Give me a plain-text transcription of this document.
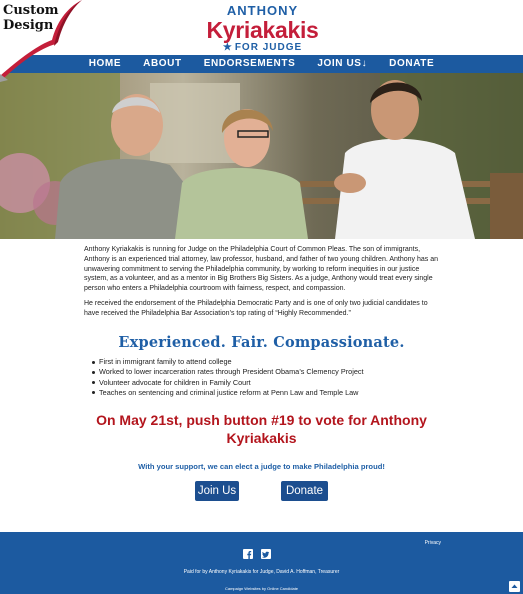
Custom
Design
ANTHONY
Kyriakakis
★ FOR JUDGE
HOME	ABOUT	ENDORSEMENTS	JOIN US↓	DONATE

Anthony Kyriakakis is running for Judge on the Philadelphia Court of Common Pleas. The son of immigrants, Anthony is an experienced trial attorney, law professor, husband, and father of two young children. Anthony has an unwavering commitment to serving the Philadelphia community, by working to reform inequities in our justice system, as a volunteer, and as a mentor in Big Brothers Big Sisters. As a judge, Anthony would treat every single person who enters a Philadelphia courtroom with fairness, respect, and compassion.

He received the endorsement of the Philadelphia Democratic Party and is one of only two judicial candidates to have received the Philadelphia Bar Association’s top rating of “Highly Recommended.”

Experienced. Fair. Compassionate.
First in immigrant family to attend college
Worked to lower incarceration rates through President Obama’s Clemency Project
Volunteer advocate for children in Family Court
Teaches on sentencing and criminal justice reform at Penn Law and Temple Law
On May 21st, push button #19 to vote for Anthony Kyriakakis
With your support, we can elect a judge to make Philadelphia proud!
Join Us	Donate
Privacy
Paid for by Anthony Kyriakakis for Judge, David A. Hoffman, Treasurer
Campaign Websites by Online Candidate
